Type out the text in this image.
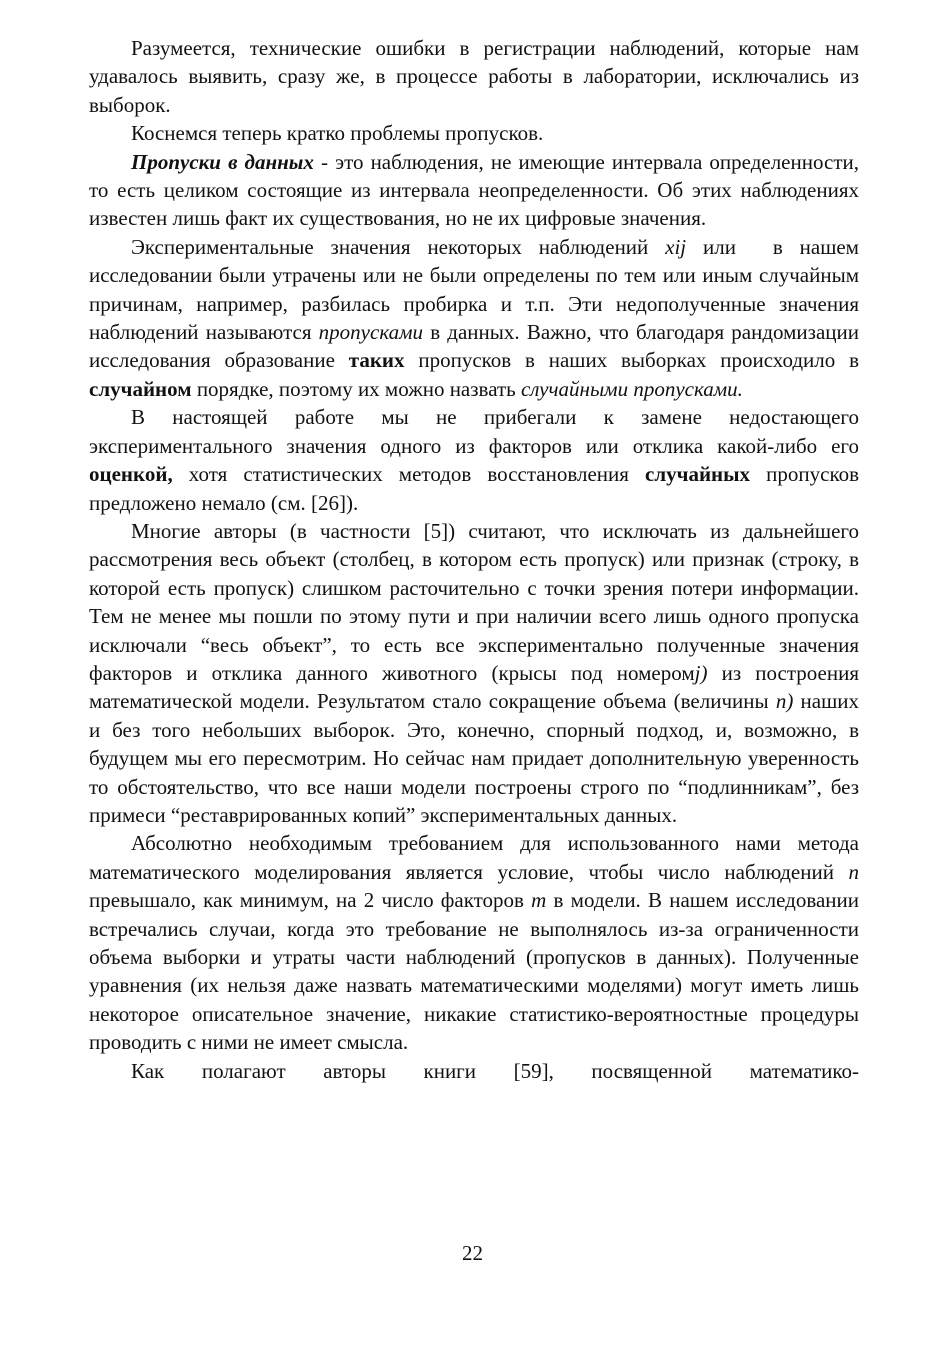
Разумеется, технические ошибки в регистрации наблюдений, которые нам удавалось выявить, сразу же, в процессе работы в лаборатории, исключались из выборок.

Коснемся теперь кратко проблемы пропусков.

Пропуски в данных - это наблюдения, не имеющие интервала определенности, то есть целиком состоящие из интервала неопределенности. Об этих наблюдениях известен лишь факт их существования, но не их цифровые значения.

Экспериментальные значения некоторых наблюдений xij или в нашем исследовании были утрачены или не были определены по тем или иным случайным причинам, например, разбилась пробирка и т.п. Эти недополученные значения наблюдений называются пропусками в данных. Важно, что благодаря рандомизации исследования образование таких пропусков в наших выборках происходило в случайном порядке, поэтому их можно назвать случайными пропусками.

В настоящей работе мы не прибегали к замене недостающего экспериментального значения одного из факторов или отклика какой-либо его оценкой, хотя статистических методов восстановления случайных пропусков предложено немало (см. [26]).

Многие авторы (в частности [5]) считают, что исключать из дальнейшего рассмотрения весь объект (столбец, в котором есть пропуск) или признак (строку, в которой есть пропуск) слишком расточительно с точки зрения потери информации. Тем не менее мы пошли по этому пути и при наличии всего лишь одного пропуска исключали “весь объект”, то есть все экспериментально полученные значения факторов и отклика данного животного (крысы под номеромj) из построения математической модели. Результатом стало сокращение объема (величины n) наших и без того небольших выборок. Это, конечно, спорный подход, и, возможно, в будущем мы его пересмотрим. Но сейчас нам придает дополнительную уверенность то обстоятельство, что все наши модели построены строго по “подлинникам”, без примеси “реставрированных копий” экспериментальных данных.

Абсолютно необходимым требованием для использованного нами метода математического моделирования является условие, чтобы число наблюдений n превышало, как минимум, на 2 число факторов m в модели. В нашем исследовании встречались случаи, когда это требование не выполнялось из-за ограниченности объема выборки и утраты части наблюдений (пропусков в данных). Полученные уравнения (их нельзя даже назвать математическими моделями) могут иметь лишь некоторое описательное значение, никакие статистико-вероятностные процедуры проводить с ними не имеет смысла.

Как полагают авторы книги [59], посвященной математико-

22
